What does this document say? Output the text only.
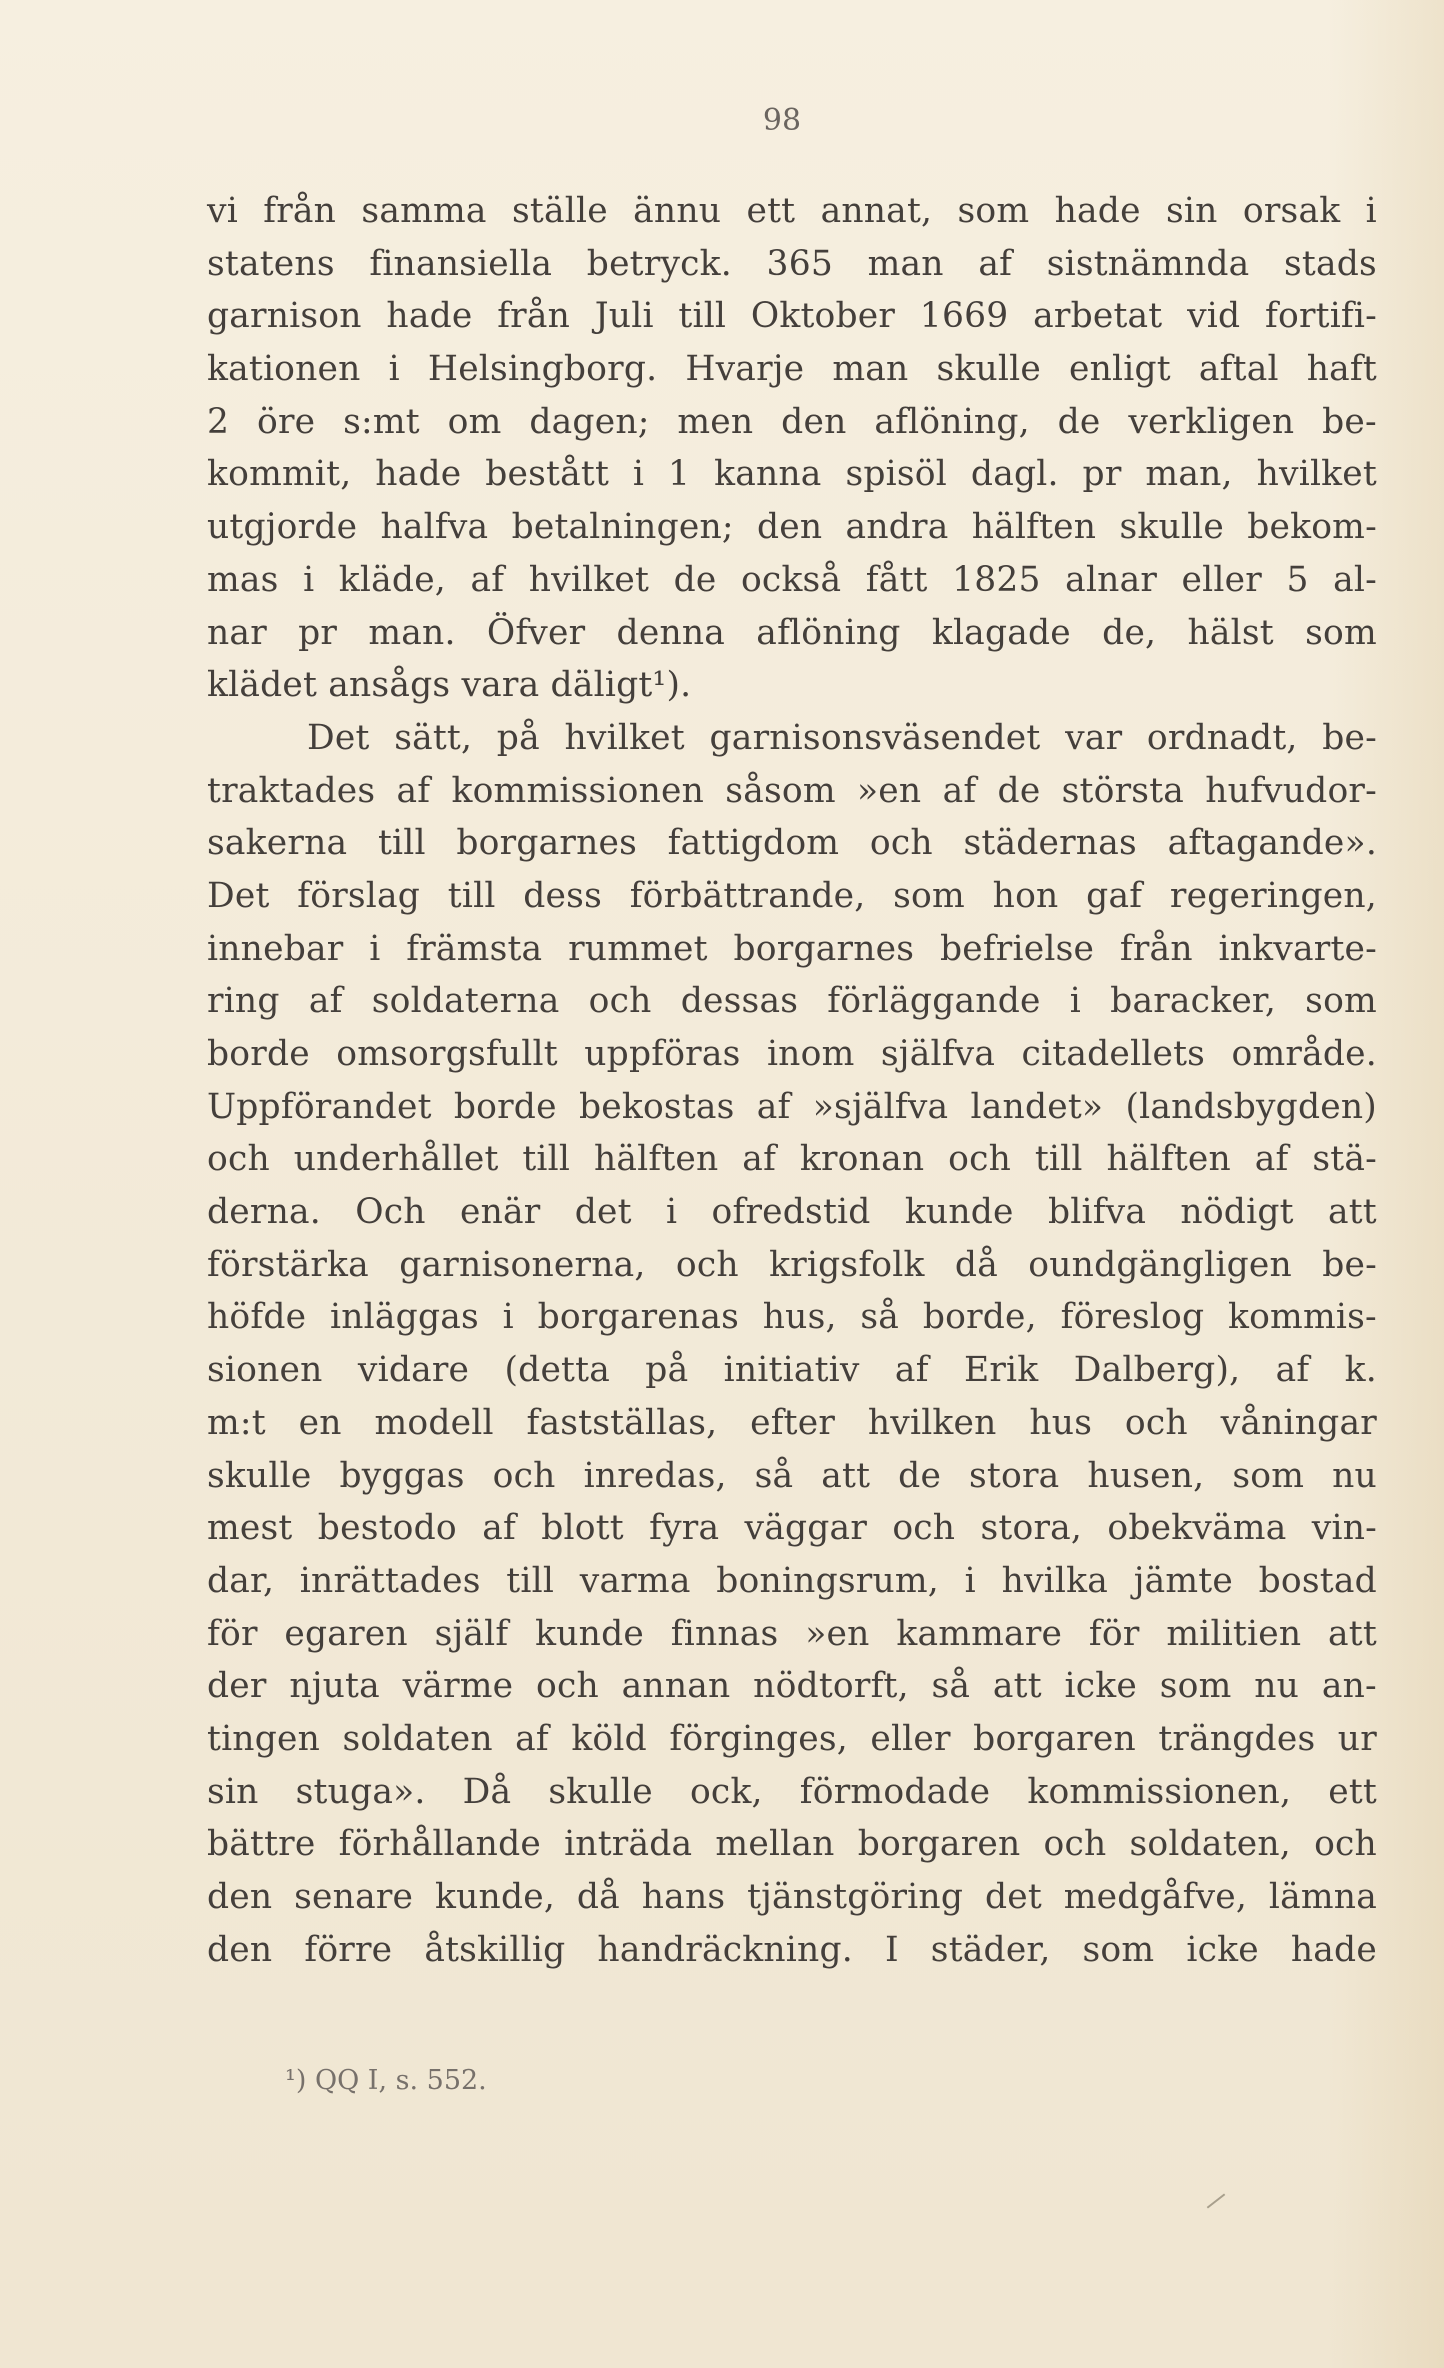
98
vi från samma ställe ännu ett annat, som hade sin orsak i
statens finansiella betryck. 365 man af sistnämnda stads
garnison hade från Juli till Oktober 1669 arbetat vid fortifi-
kationen i Helsingborg. Hvarje man skulle enligt aftal haft
2 öre s:mt om dagen; men den aflöning, de verkligen be-
kommit, hade bestått i 1 kanna spisöl dagl. pr man, hvilket
utgjorde halfva betalningen; den andra hälften skulle bekom-
mas i kläde, af hvilket de också fått 1825 alnar eller 5 al-
nar pr man. Öfver denna aflöning klagade de, hälst som
klädet ansågs vara däligt¹).
Det sätt, på hvilket garnisonsväsendet var ordnadt, be-
traktades af kommissionen såsom »en af de största hufvudor-
sakerna till borgarnes fattigdom och städernas aftagande».
Det förslag till dess förbättrande, som hon gaf regeringen,
innebar i främsta rummet borgarnes befrielse från inkvarte-
ring af soldaterna och dessas förläggande i baracker, som
borde omsorgsfullt uppföras inom själfva citadellets område.
Uppförandet borde bekostas af »själfva landet» (landsbygden)
och underhållet till hälften af kronan och till hälften af stä-
derna. Och enär det i ofredstid kunde blifva nödigt att
förstärka garnisonerna, och krigsfolk då oundgängligen be-
höfde inläggas i borgarenas hus, så borde, föreslog kommis-
sionen vidare (detta på initiativ af Erik Dalberg), af k.
m:t en modell fastställas, efter hvilken hus och våningar
skulle byggas och inredas, så att de stora husen, som nu
mest bestodo af blott fyra väggar och stora, obekväma vin-
dar, inrättades till varma boningsrum, i hvilka jämte bostad
för egaren själf kunde finnas »en kammare för militien att
der njuta värme och annan nödtorft, så att icke som nu an-
tingen soldaten af köld förginges, eller borgaren trängdes ur
sin stuga». Då skulle ock, förmodade kommissionen, ett
bättre förhållande inträda mellan borgaren och soldaten, och
den senare kunde, då hans tjänstgöring det medgåfve, lämna
den förre åtskillig handräckning. I städer, som icke hade
¹) QQ I, s. 552.
